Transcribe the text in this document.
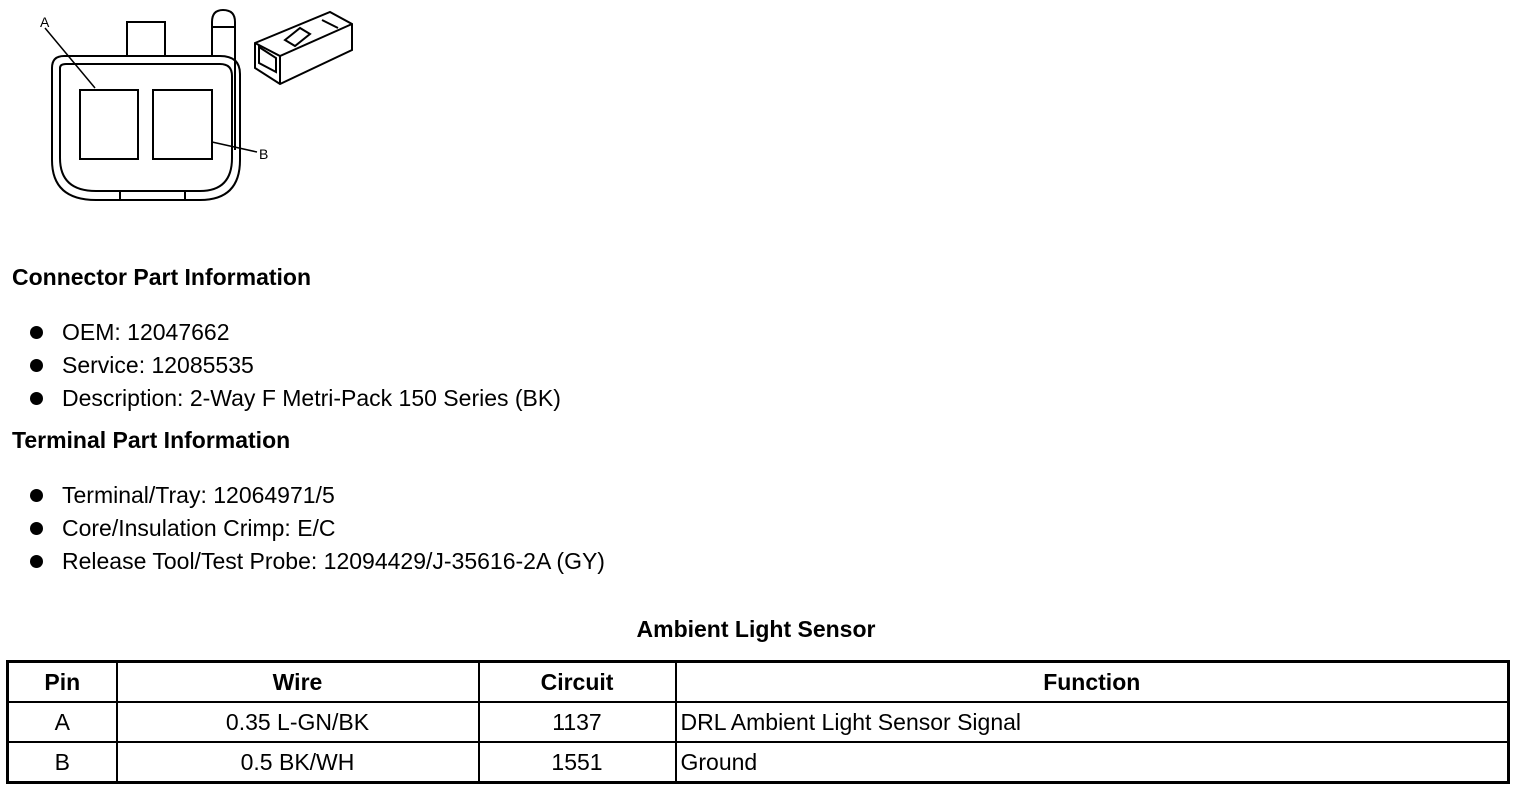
A
B
Connector Part Information
OEM: 12047662
Service: 12085535
Description: 2-Way F Metri-Pack 150 Series (BK)
Terminal Part Information
Terminal/Tray: 12064971/5
Core/Insulation Crimp: E/C
Release Tool/Test Probe: 12094429/J-35616-2A (GY)
Ambient Light Sensor
Pin	Wire	Circuit	Function
A	0.35 L-GN/BK	1137	DRL Ambient Light Sensor Signal
B	0.5 BK/WH	1551	Ground
